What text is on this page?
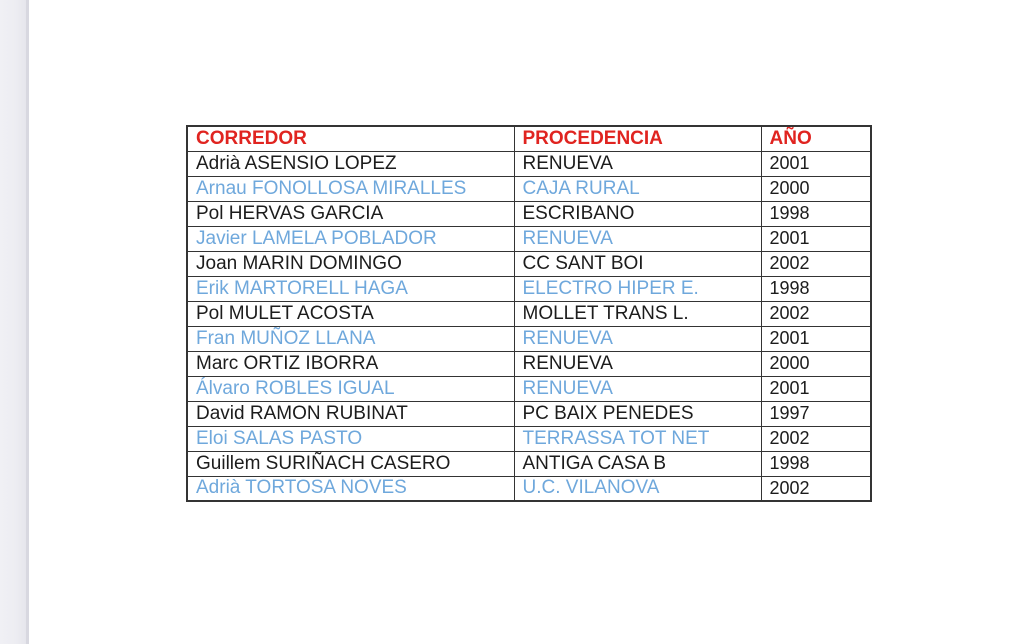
CORREDOR	PROCEDENCIA	AÑO
Adrià ASENSIO LOPEZ	RENUEVA	2001
Arnau FONOLLOSA MIRALLES	CAJA RURAL	2000
Pol HERVAS GARCIA	ESCRIBANO	1998
Javier LAMELA POBLADOR	RENUEVA	2001
Joan MARIN DOMINGO	CC SANT BOI	2002
Erik MARTORELL HAGA	ELECTRO HIPER E.	1998
Pol MULET ACOSTA	MOLLET TRANS L.	2002
Fran MUÑOZ LLANA	RENUEVA	2001
Marc ORTIZ IBORRA	RENUEVA	2000
Álvaro ROBLES IGUAL	RENUEVA	2001
David RAMON RUBINAT	PC BAIX PENEDES	1997
Eloi SALAS PASTO	TERRASSA TOT NET	2002
Guillem SURIÑACH CASERO	ANTIGA CASA B	1998
Adrià TORTOSA NOVES	U.C. VILANOVA	2002
